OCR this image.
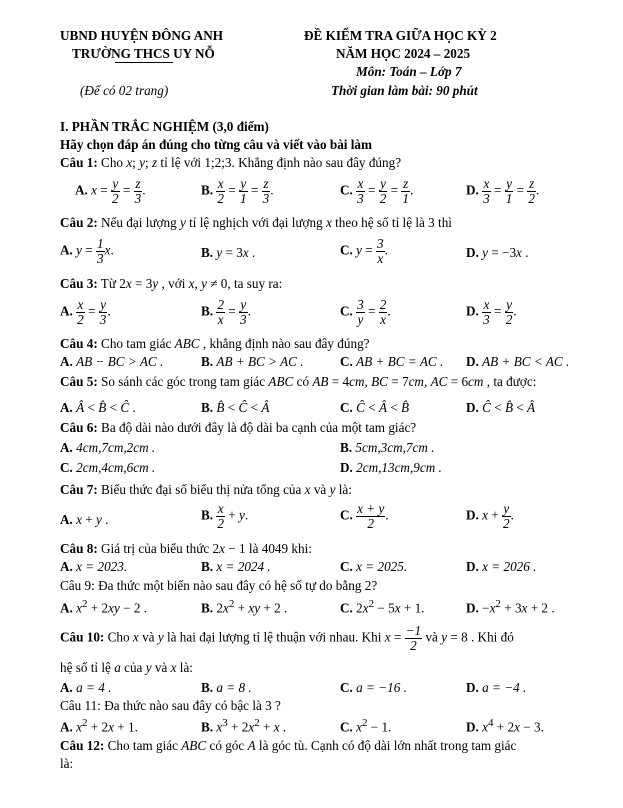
UBND HUYỆN ĐÔNG ANH
TRƯỜNG THCS UY NỖ
(Để có 02 trang)
ĐỀ KIỂM TRA GIỮA HỌC KỲ 2
NĂM HỌC 2024 – 2025
Môn: Toán – Lớp 7
Thời gian làm bài: 90 phút
I. PHẦN TRẮC NGHIỆM (3,0 điểm)
Hãy chọn đáp án đúng cho từng câu và viết vào bài làm
Câu 1: Cho x; y; z tỉ lệ với 1;2;3. Khẳng định nào sau đây đúng?
A. $x = \frac{y}{2} = \frac{z}{3}$ .	B. $\frac{x}{2} = \frac{y}{1} = \frac{z}{3}$ .	C. $\frac{x}{3} = \frac{y}{2} = \frac{z}{1}$ .	D. $\frac{x}{3} = \frac{y}{1} = \frac{z}{2}$ .
Câu 2: Nếu đại lượng y tỉ lệ nghịch với đại lượng x theo hệ số tỉ lệ là 3 thì
A. $y = \frac{1}{3} x$.	B. y = 3x .	C. $y = \frac{3}{x}$ .	D. y = −3x .
Câu 3: Từ 2x = 3y , với x, y ≠ 0, ta suy ra:
A. $\frac{x}{2} = \frac{y}{3}$ .	B. $\frac{2}{x} = \frac{y}{3}$ .	C. $\frac{3}{y} = \frac{2}{x}$ .	D. $\frac{x}{3} = \frac{y}{2}$ .
Câu 4: Cho tam giác ABC , khẳng định nào sau đây đúng?
A. AB − BC > AC .	B. AB + BC > AC .	C. AB + BC = AC . D. AB + BC < AC .
Câu 5: So sánh các góc trong tam giác ABC có AB = 4cm, BC = 7cm, AC = 6cm , ta được:
A. Â < B̂ < Ĉ .	B. B̂ < Ĉ < Â	C. Ĉ < Â < B̂	D. Ĉ < B̂ < Â
Câu 6: Ba độ dài nào dưới đây là độ dài ba cạnh của một tam giác?
A. 4cm,7cm,2cm .	B. 5cm,3cm,7cm .
C. 2cm,4cm,6cm .	D. 2cm,13cm,9cm .
Câu 7: Biểu thức đại số biểu thị nửa tổng của x và y là:
A. x + y .	B. $\frac{x}{2} + y$.	C. $\frac{x + y}{2}$ .	D. $x + \frac{y}{2}$ .
Câu 8: Giá trị của biểu thức 2x − 1 là 4049 khi:
A. x = 2023.	B. x = 2024 .	C. x = 2025.	D. x = 2026 .
Câu 9: Đa thức một biến nào sau đây có hệ số tự do bằng 2?
A. $x^2 + 2xy - 2$ .	B. $2x^2$ + xy + 2 .	C. $2x^2 - 5x + 1$.	D. $-x^2 + 3x + 2$ .
Câu 10: Cho x và y là hai đại lượng tỉ lệ thuận với nhau. Khi $x = \frac{-1}{2}$ và y = 8 . Khi đó
hệ số tỉ lệ a của y và x là:
A. a = 4 .	B. a = 8 .	C. a = −16 .	D. a = −4 .
Câu 11: Đa thức nào sau đây có bậc là 3 ?
A. $x^2 + 2x + 1$.	B. $x^3 + 2x^2 + x$ .	C. $x^2 - 1$.	D. $x^4 + 2x - 3$.
Câu 12: Cho tam giác ABC có góc A là góc tù. Cạnh có độ dài lớn nhất trong tam giác
là:
